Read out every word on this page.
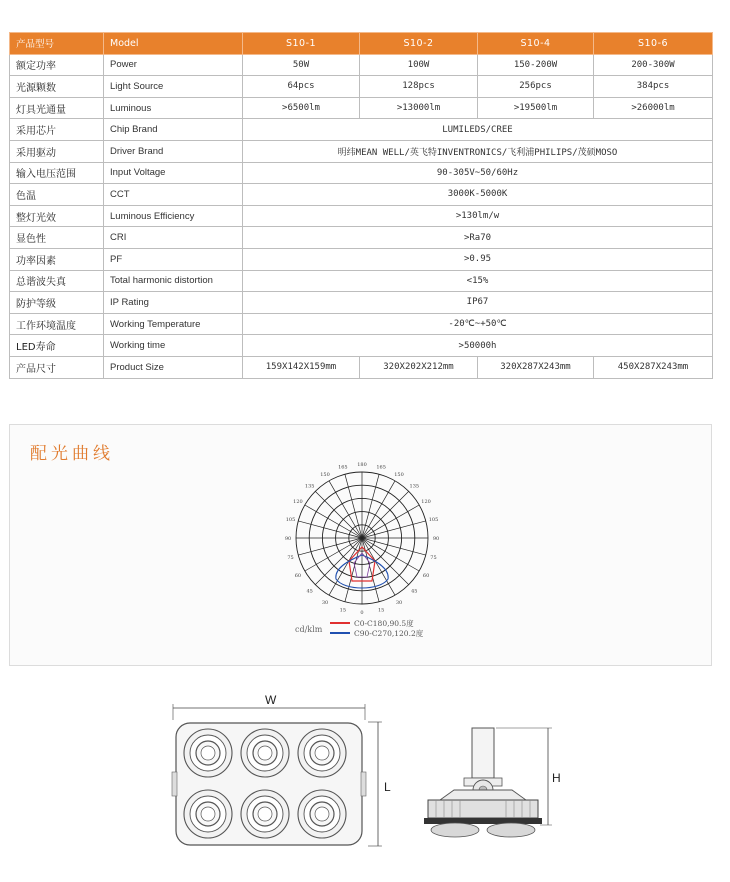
产品型号	Model	S10-1	S10-2	S10-4	S10-6
额定功率	Power	50W	100W	150-200W	200-300W
光源颗数	Light Source	64pcs	128pcs	256pcs	384pcs
灯具光通量	Luminous	>6500lm	>13000lm	>19500lm	>26000lm
采用芯片	Chip Brand	LUMILEDS/CREE			
采用驱动	Driver Brand	明纬MEAN WELL/英飞特INVENTRONICS/飞利浦PHILIPS/茂硕MOSO			
输入电压范围	Input Voltage	90-305V~50/60Hz			
色温	CCT	3000K-5000K			
整灯光效	Luminous Efficiency	>130lm/w			
显色性	CRI	>Ra70			
功率因素	PF	>0.95			
总谐波失真	Total harmonic distortion	<15%			
防护等级	IP Rating	IP67			
工作环境温度	Working Temperature	-20℃~+50℃			
LED寿命	Working time	>50000h			
产品尺寸	Product Size	159X142X159mm	320X202X212mm	320X287X243mm	450X287X243mm
配光曲线
180
165
150
135
120
105
90
75
60
45
30
15
165
150
135
120
105
90
75
60
45
30
15
0
cd/klm
C0-C180,90.5度
C90-C270,120.2度
W
L
H
